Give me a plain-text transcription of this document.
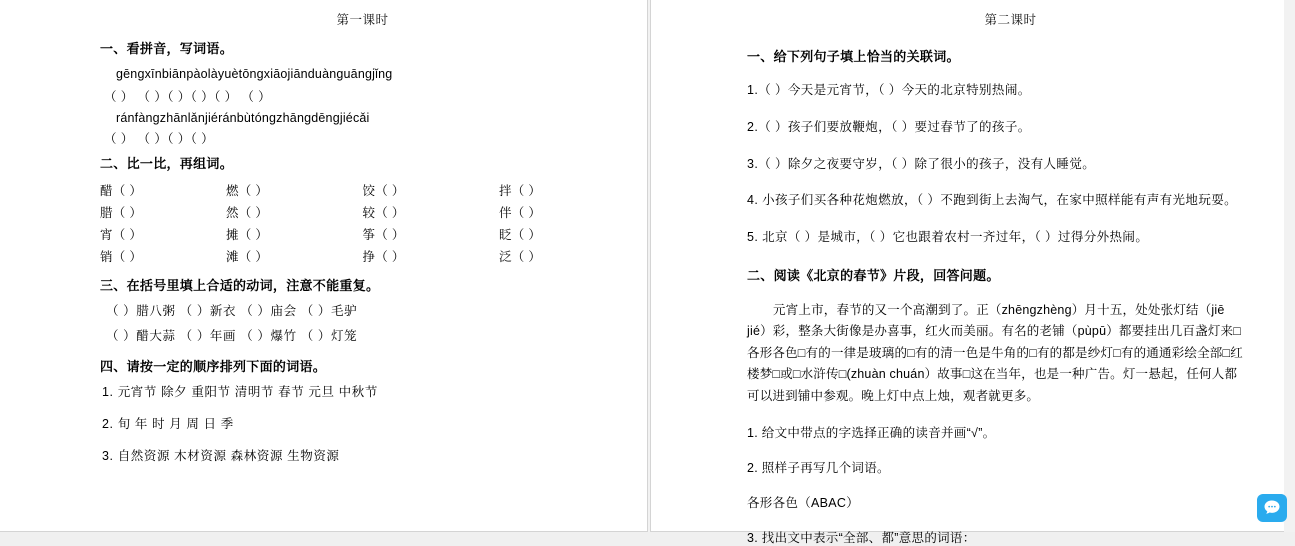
第一课时
一、看拼音，写词语。
gēngxīnbiānpàolàyuètōngxiāojiānduànguāngjǐng
（ ） （ ）（ ）（ ）（ ） （ ）
ránfàngzhānlǎnjiéránbùtóngzhāngdēngjiécǎi
（ ） （ ）（ ）（ ）
二、比一比，再组词。
醋（ ）	燃（ ）	饺（ ）	拌（ ）
腊（ ）	然（ ）	较（ ）	伴（ ）
宵（ ）	摊（ ）	筝（ ）	眨（ ）
销（ ）	滩（ ）	挣（ ）	泛（ ）
三、在括号里填上合适的动词，注意不能重复。
（ ）腊八粥 （ ）新衣 （ ）庙会 （ ）毛驴
（ ）醋大蒜 （ ）年画 （ ）爆竹 （ ）灯笼
四、请按一定的顺序排列下面的词语。
1. 元宵节 除夕 重阳节 清明节 春节 元旦 中秋节
2. 旬 年 时 月 周 日 季
3. 自然资源 木材资源 森林资源 生物资源
第二课时
一、给下列句子填上恰当的关联词。
1.（ ）今天是元宵节，（ ）今天的北京特别热闹。
2.（ ）孩子们要放鞭炮，（ ）要过春节了的孩子。
3.（ ）除夕之夜要守岁，（ ）除了很小的孩子，没有人睡觉。
4. 小孩子们买各种花炮燃放，（ ）不跑到街上去淘气，在家中照样能有声有光地玩耍。
5. 北京（ ）是城市，（ ）它也跟着农村一齐过年，（ ）过得分外热闹。
二、阅读《北京的春节》片段，回答问题。
元宵上市，春节的又一个高潮到了。正（zhēngzhèng）月十五，处处张灯结（jiē jié）彩，整条大街像是办喜事，红火而美丽。有名的老铺（pùpū）都要挂出几百盏灯来□各形各色□有的一律是玻璃的□有的清一色是牛角的□有的都是纱灯□有的通通彩绘全部□红楼梦□或□水浒传□(zhuàn chuán）故事□这在当年，也是一种广告。灯一悬起，任何人都可以进到铺中参观。晚上灯中点上烛，观者就更多。
1. 给文中带点的字选择正确的读音并画“√”。
2. 照样子再写几个词语。
各形各色（ABAC）
3. 找出文中表示“全部、都”意思的词语：
